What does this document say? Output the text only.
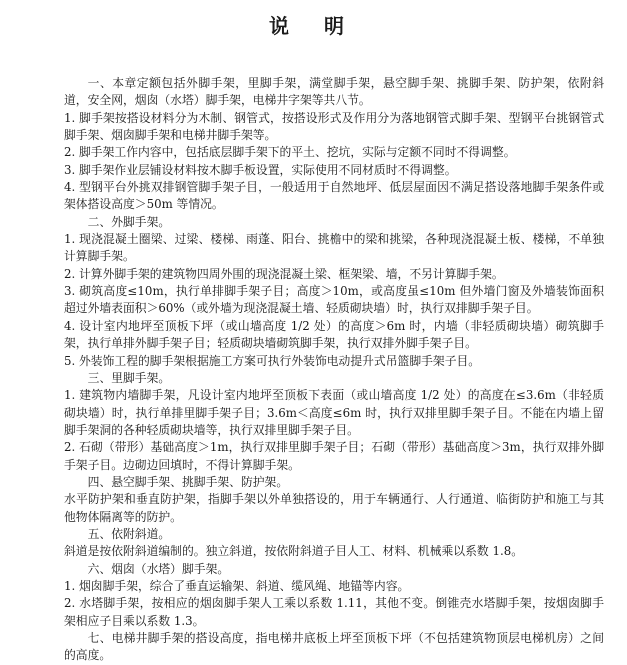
说 明

一、本章定额包括外脚手架，里脚手架，满堂脚手架，悬空脚手架、挑脚手架、防护架，依附斜道，安全网，烟囱（水塔）脚手架，电梯井字架等共八节。

1. 脚手架按搭设材料分为木制、钢管式，按搭设形式及作用分为落地钢管式脚手架、型钢平台挑钢管式脚手架、烟囱脚手架和电梯井脚手架等。

2. 脚手架工作内容中，包括底层脚手架下的平土、挖坑，实际与定额不同时不得调整。

3. 脚手架作业层铺设材料按木脚手板设置，实际使用不同材质时不得调整。

4. 型钢平台外挑双排钢管脚手架子目，一般适用于自然地坪、低层屋面因不满足搭设落地脚手架条件或架体搭设高度＞50m 等情况。

二、外脚手架。

1. 现浇混凝土圈梁、过梁、楼梯、雨蓬、阳台、挑檐中的梁和挑梁，各种现浇混凝土板、楼梯，不单独计算脚手架。

2. 计算外脚手架的建筑物四周外围的现浇混凝土梁、框架梁、墙，不另计算脚手架。

3. 砌筑高度≤10m，执行单排脚手架子目；高度＞10m，或高度虽≤10m 但外墙门窗及外墙装饰面积超过外墙表面积＞60%（或外墙为现浇混凝土墙、轻质砌块墙）时，执行双排脚手架子目。

4. 设计室内地坪至顶板下坪（或山墙高度 1/2 处）的高度＞6m 时，内墙（非轻质砌块墙）砌筑脚手架，执行单排外脚手架子目；轻质砌块墙砌筑脚手架，执行双排外脚手架子目。

5. 外装饰工程的脚手架根据施工方案可执行外装饰电动提升式吊篮脚手架子目。

三、里脚手架。

1. 建筑物内墙脚手架，凡设计室内地坪至顶板下表面（或山墙高度 1/2 处）的高度在≤3.6m（非轻质砌块墙）时，执行单排里脚手架子目；3.6m＜高度≤6m 时，执行双排里脚手架子目。不能在内墙上留脚手架洞的各种轻质砌块墙等，执行双排里脚手架子目。

2. 石砌（带形）基础高度＞1m，执行双排里脚手架子目；石砌（带形）基础高度＞3m，执行双排外脚手架子目。边砌边回填时，不得计算脚手架。

四、悬空脚手架、挑脚手架、防护架。

水平防护架和垂直防护架，指脚手架以外单独搭设的，用于车辆通行、人行通道、临街防护和施工与其他物体隔离等的防护。

五、依附斜道。

斜道是按依附斜道编制的。独立斜道，按依附斜道子目人工、材料、机械乘以系数 1.8。

六、烟囱（水塔）脚手架。

1. 烟囱脚手架，综合了垂直运输架、斜道、缆风绳、地锚等内容。

2. 水塔脚手架，按相应的烟囱脚手架人工乘以系数 1.11，其他不变。倒锥壳水塔脚手架，按烟囱脚手架相应子目乘以系数 1.3。

七、电梯井脚手架的搭设高度，指电梯井底板上坪至顶板下坪（不包括建筑物顶层电梯机房）之间的高度。
